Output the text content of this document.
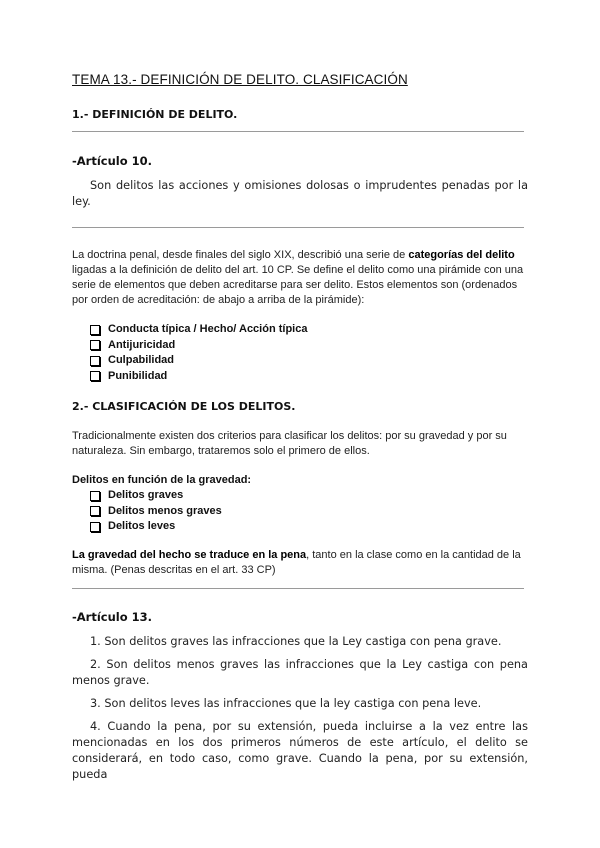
TEMA 13.- DEFINICIÓN DE DELITO. CLASIFICACIÓN
1.- DEFINICIÓN DE DELITO.
-Artículo 10.
Son delitos las acciones y omisiones dolosas o imprudentes penadas por la ley.
La doctrina penal, desde finales del siglo XIX, describió una serie de categorías del delito ligadas a la definición de delito del art. 10 CP. Se define el delito como una pirámide con una serie de elementos que deben acreditarse para ser delito. Estos elementos son (ordenados por orden de acreditación: de abajo a arriba de la pirámide):
Conducta típica / Hecho/ Acción típica
Antijuricidad
Culpabilidad
Punibilidad
2.- CLASIFICACIÓN DE LOS DELITOS.
Tradicionalmente existen dos criterios para clasificar los delitos: por su gravedad y por su naturaleza. Sin embargo, trataremos solo el primero de ellos.
Delitos en función de la gravedad:
Delitos graves
Delitos menos graves
Delitos leves
La gravedad del hecho se traduce en la pena, tanto en la clase como en la cantidad de la misma. (Penas descritas en el art. 33 CP)
-Artículo 13.
1. Son delitos graves las infracciones que la Ley castiga con pena grave.
2. Son delitos menos graves las infracciones que la Ley castiga con pena menos grave.
3. Son delitos leves las infracciones que la ley castiga con pena leve.
4. Cuando la pena, por su extensión, pueda incluirse a la vez entre las mencionadas en los dos primeros números de este artículo, el delito se considerará, en todo caso, como grave. Cuando la pena, por su extensión, pueda
